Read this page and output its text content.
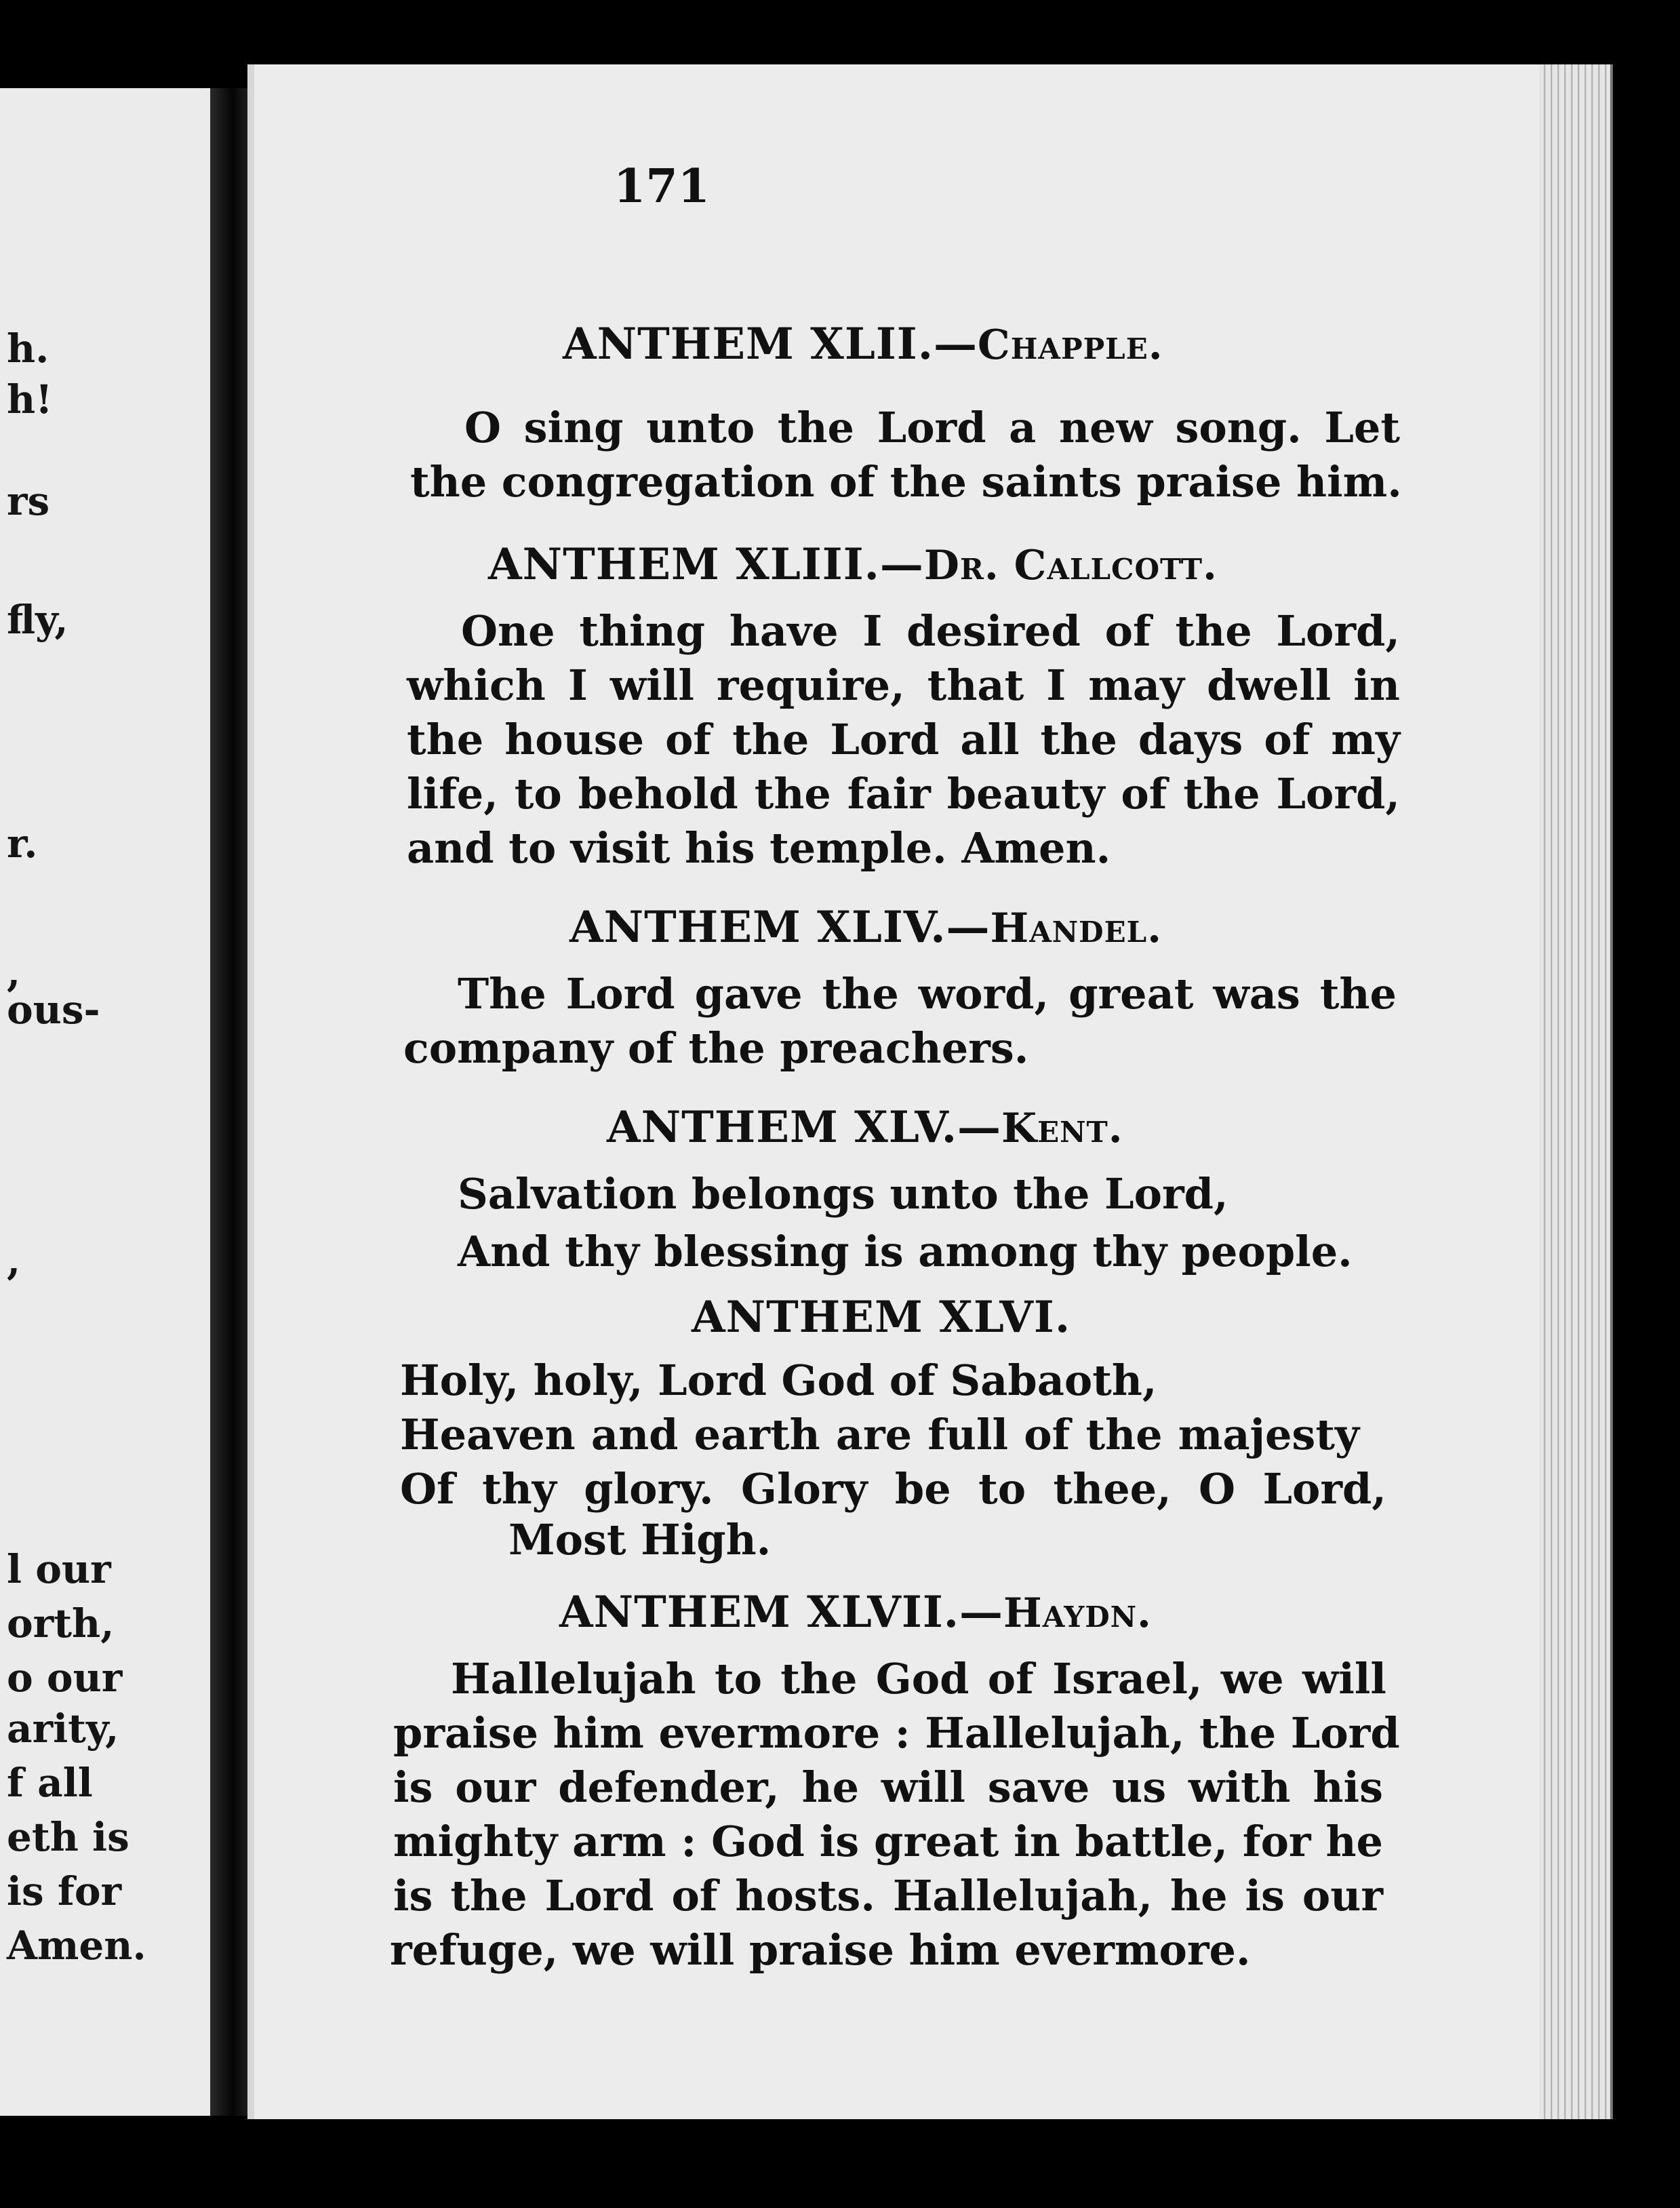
h.
h!
rs
fly,
r.
,
ous-
,
l our
orth,
o our
arity,
f all
eth is
is for
Amen.
171
ANTHEM XLII.—Chapple.
O sing unto the Lord a new song. Let
the congregation of the saints praise him.
ANTHEM XLIII.—Dr. Callcott.
One thing have I desired of the Lord,
which I will require, that I may dwell in
the house of the Lord all the days of my
life, to behold the fair beauty of the Lord,
and to visit his temple. Amen.
ANTHEM XLIV.—Handel.
The Lord gave the word, great was the
company of the preachers.
ANTHEM XLV.—Kent.
Salvation belongs unto the Lord,
And thy blessing is among thy people.
ANTHEM XLVI.
Holy, holy, Lord God of Sabaoth,
Heaven and earth are full of the majesty
Of thy glory. Glory be to thee, O Lord,
Most High.
ANTHEM XLVII.—Haydn.
Hallelujah to the God of Israel, we will
praise him evermore : Hallelujah, the Lord
is our defender, he will save us with his
mighty arm : God is great in battle, for he
is the Lord of hosts. Hallelujah, he is our
refuge, we will praise him evermore.
